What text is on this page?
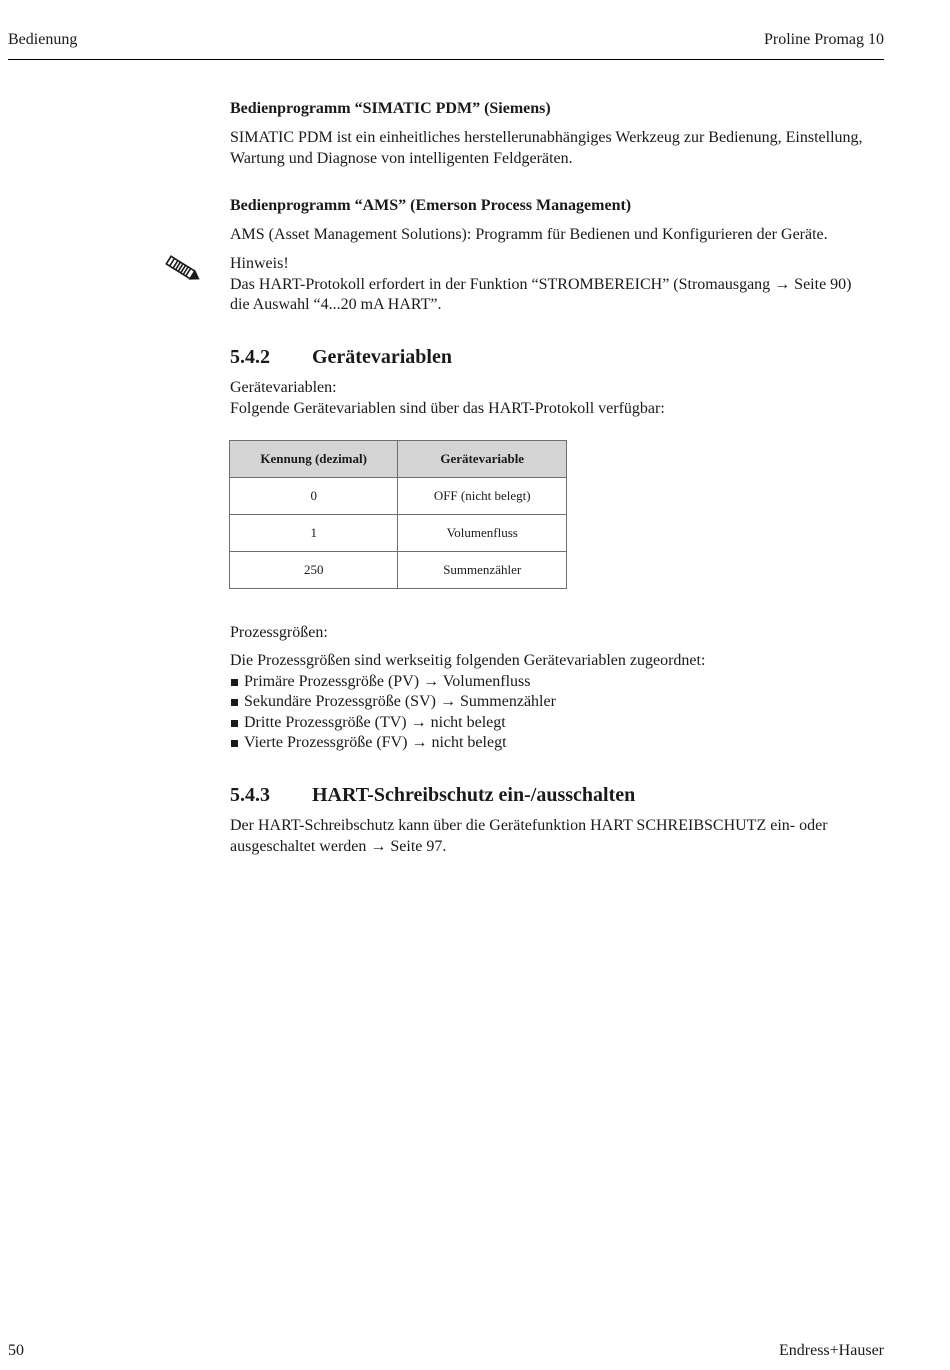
Bedienung	Proline Promag 10
Bedienprogramm “SIMATIC PDM” (Siemens)
SIMATIC PDM ist ein einheitliches herstellerunabhängiges Werkzeug zur Bedienung, Einstellung,
Wartung und Diagnose von intelligenten Feldgeräten.
Bedienprogramm “AMS” (Emerson Process Management)
AMS (Asset Management Solutions): Programm für Bedienen und Konfigurieren der Geräte.
Hinweis!
Das HART-Protokoll erfordert in der Funktion “STROMBEREICH” (Stromausgang → Seite 90)
die Auswahl “4...20 mA HART”.
5.4.2 Gerätevariablen
Gerätevariablen:
Folgende Gerätevariablen sind über das HART-Protokoll verfügbar:
Prozessgrößen:
Die Prozessgrößen sind werkseitig folgenden Gerätevariablen zugeordnet:
Primäre Prozessgröße (PV) → Volumenfluss
Sekundäre Prozessgröße (SV) → Summenzähler
Dritte Prozessgröße (TV) → nicht belegt
Vierte Prozessgröße (FV) → nicht belegt
5.4.3 HART-Schreibschutz ein-/ausschalten
Der HART-Schreibschutz kann über die Gerätefunktion HART SCHREIBSCHUTZ ein- oder
ausgeschaltet werden → Seite 97.
Kennung (dezimal)	Gerätevariable
0	OFF (nicht belegt)
1	Volumenfluss
250	Summenzähler
50	Endress+Hauser
